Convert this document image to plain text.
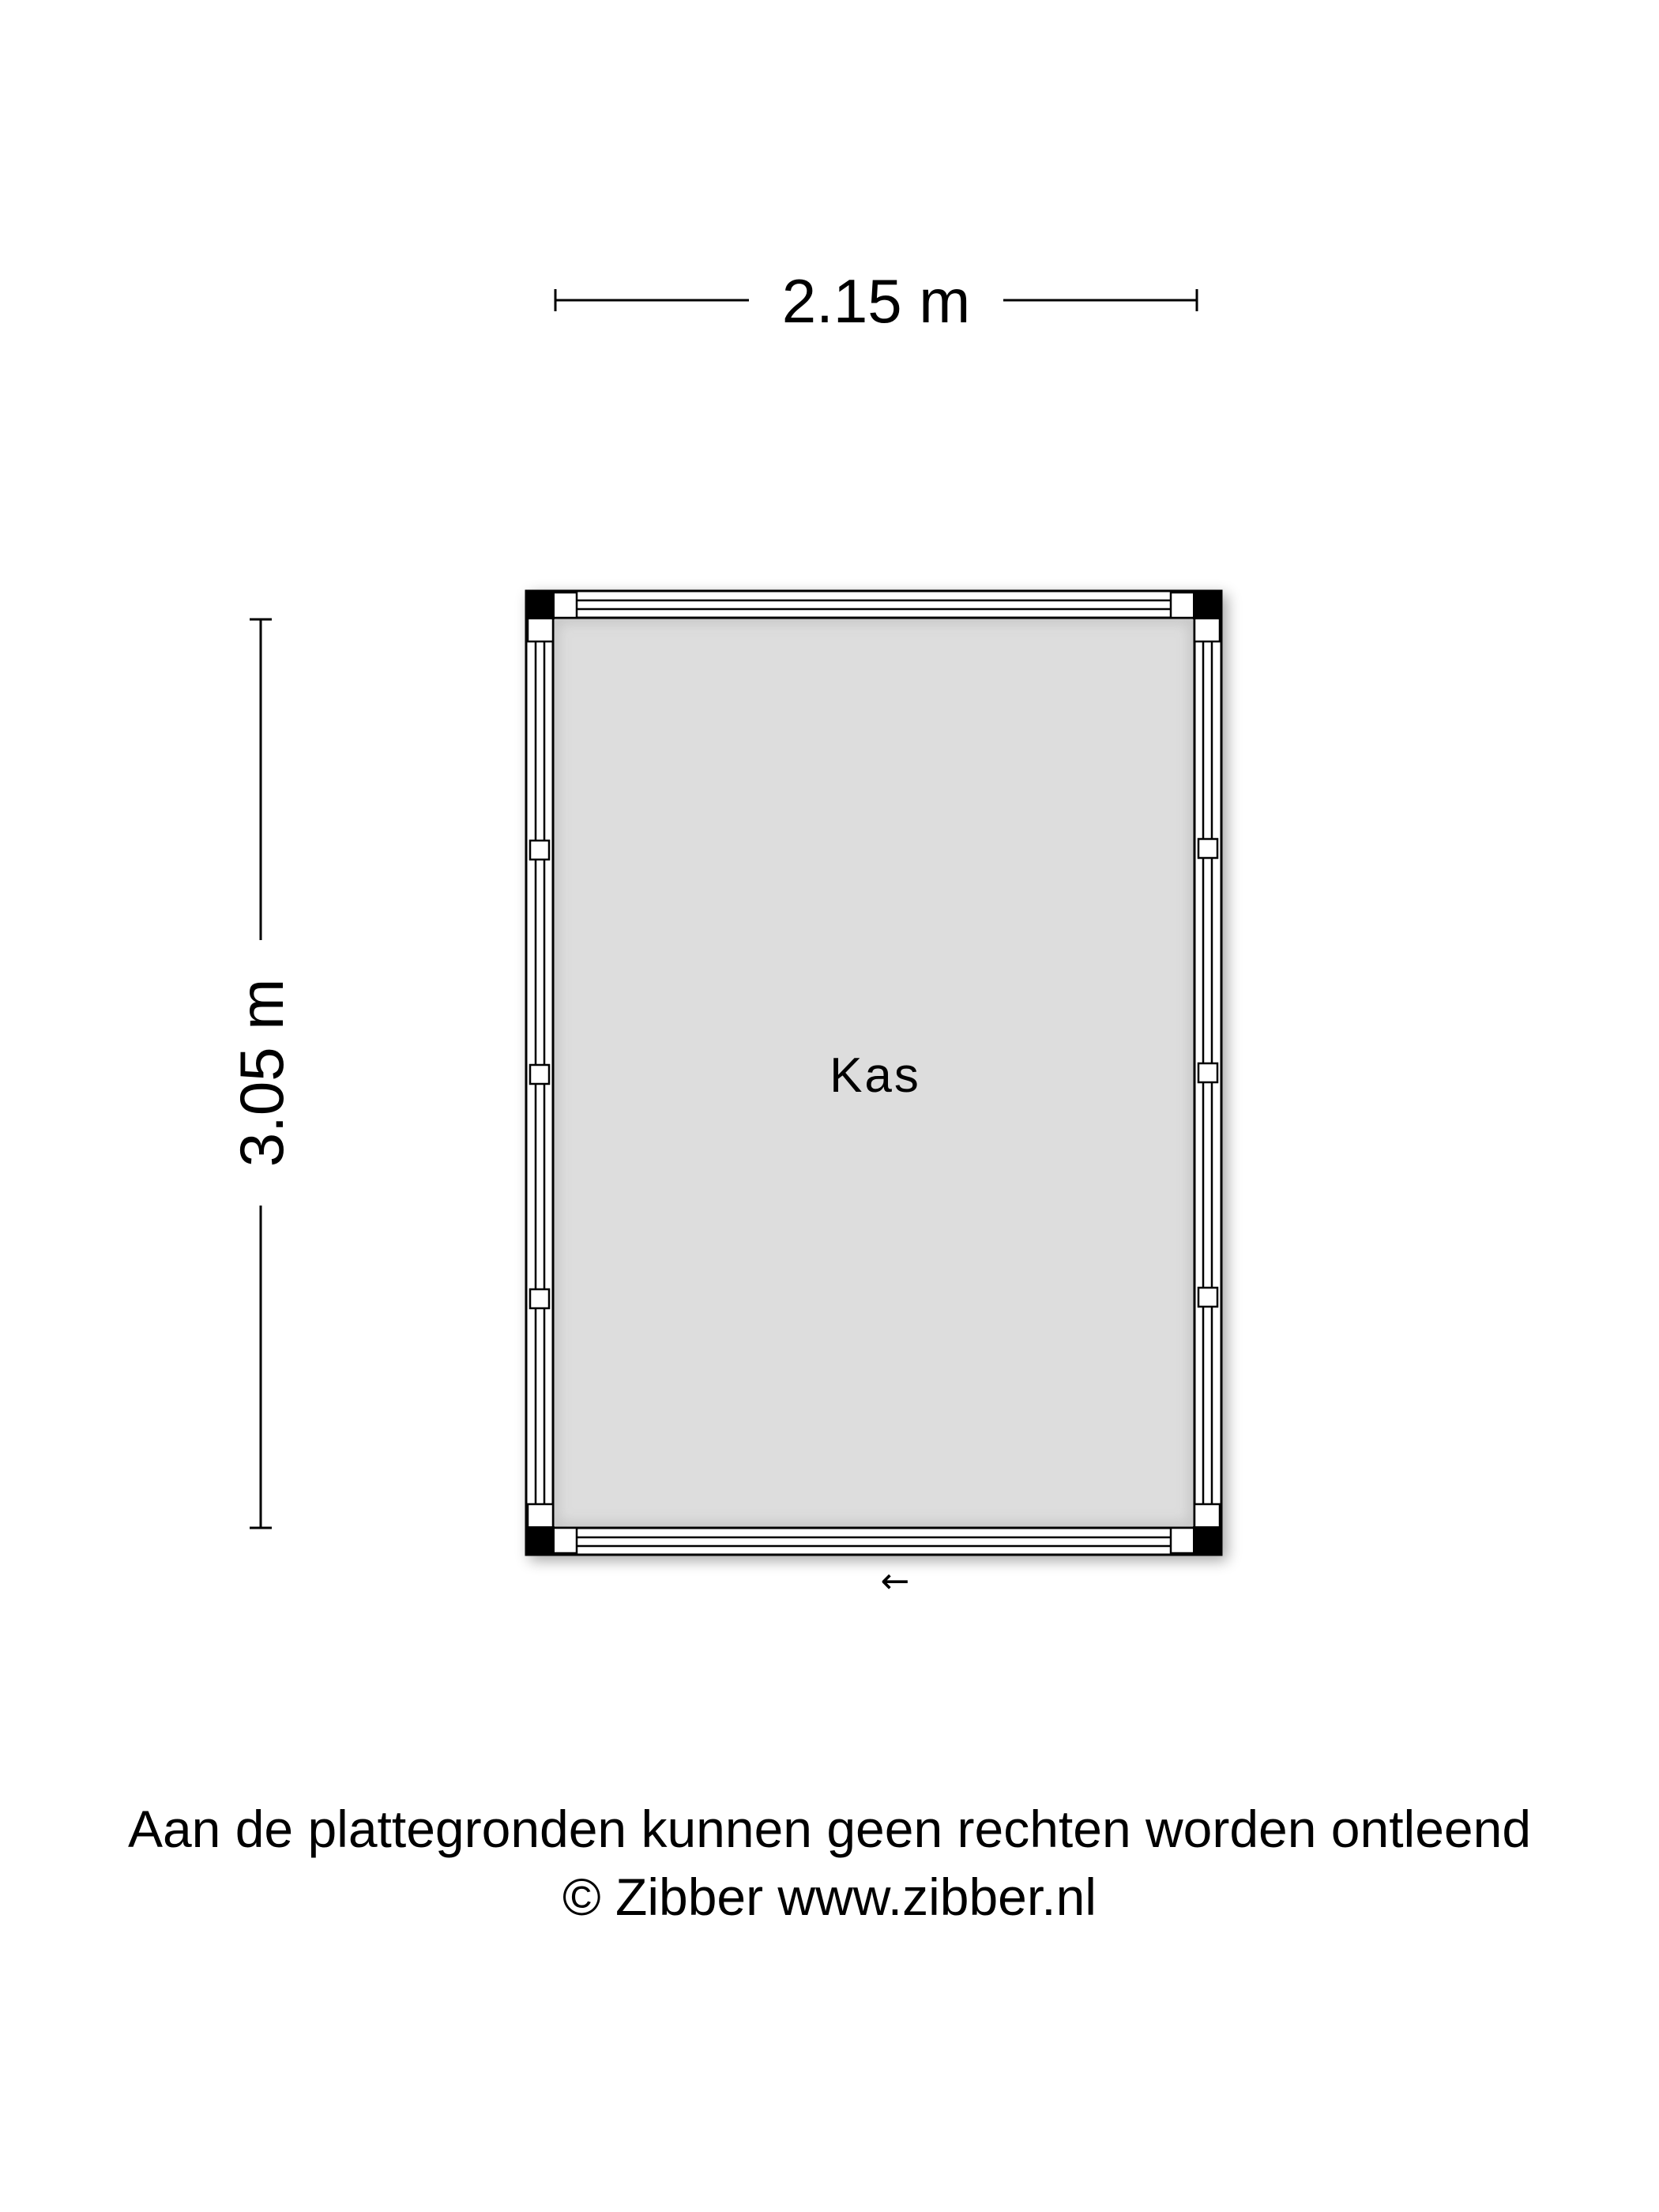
2.15 m
3.05 m	Kas
←
Aan de plattegronden kunnen geen rechten worden ontleend
© Zibber www.zibber.nl
